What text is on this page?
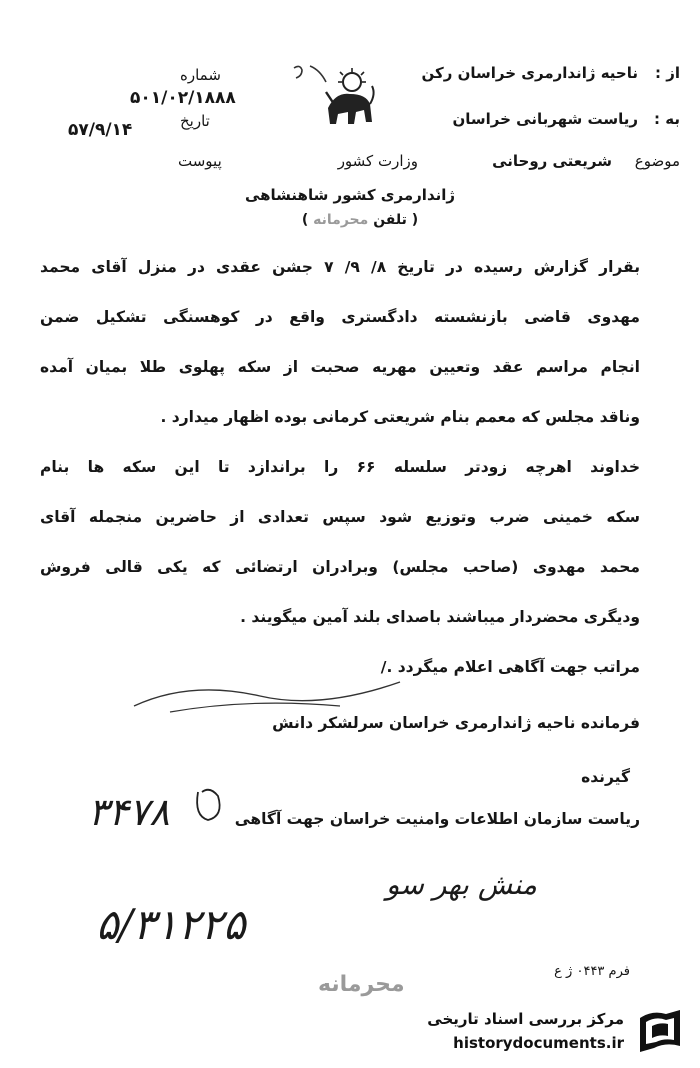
از :
ناحیه ژاندارمری خراسان رکن
به :
ریاست شهربانی خراسان
موضوع
شریعتی روحانی
وزارت کشور
شماره
۵۰۱/۰۲/۱۸۸۸
تاریخ
۵۷/۹/۱۴
پیوست
ژاندارمری کشور شاهنشاهی
( تلفن محرمانه )
بقرار گزارش رسیده در تاریخ ۸/ ۹/ ۷ جشن عقدی در منزل آقای محمد
مهدوی قاضی بازنشسته دادگستری واقع در کوهسنگی تشکیل ضمن
انجام مراسم عقد وتعیین مهریه صحبت از سکه پهلوی طلا بمیان آمده
وناقد مجلس که معمم بنام شریعتی کرمانی بوده اظهار میدارد .
خداوند اهرچه زودتر سلسله ۶۶ را براندازد تا این سکه ها بنام
سکه خمینی ضرب وتوزیع شود سپس تعدادی از حاضرین منجمله آقای
محمد مهدوی (صاحب مجلس) وبرادران ارتضائی که یکی قالی فروش
ودیگری محضردار میباشند باصدای بلند آمین میگویند .
مراتب جهت آگاهی اعلام میگردد ./
فرمانده ناحیه ژاندارمری خراسان سرلشکر دانش
گیرنده
ریاست سازمان اطلاعات وامنیت خراسان جهت آگاهی
۳۴۷۸
۵/۳۱۲۲۵
منش بهر سو
فرم ۰۴۴۳ ژ ع
محرمانه
مرکز بررسی اسناد تاریخی
historydocuments.ir
